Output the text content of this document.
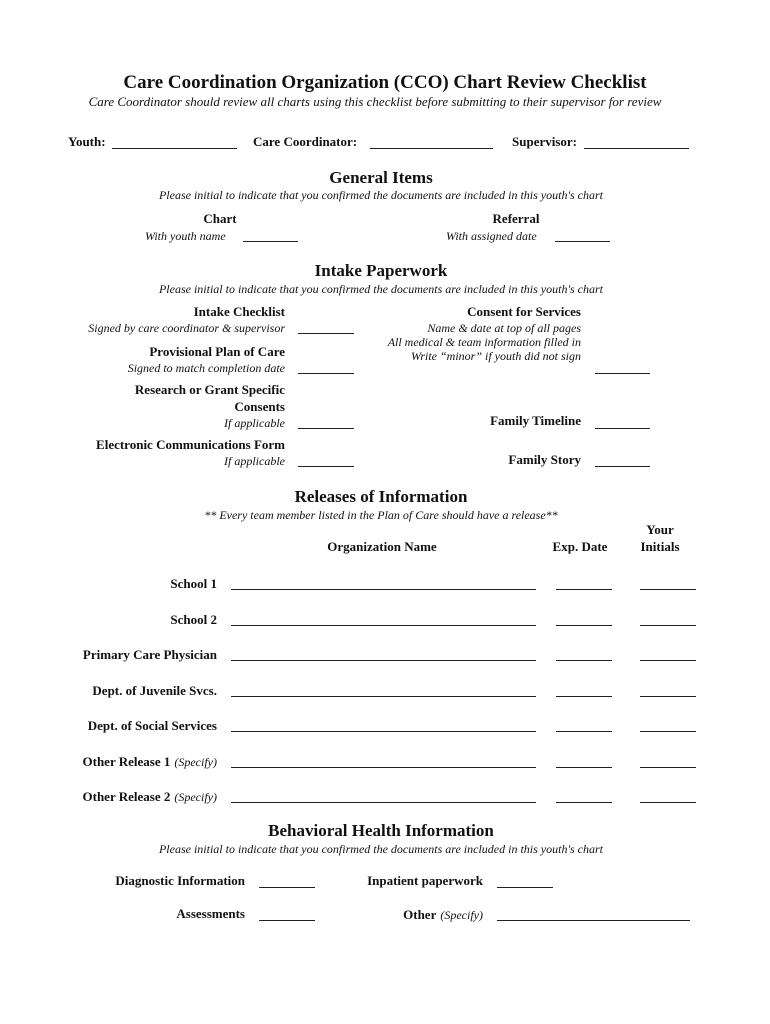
Care Coordination Organization (CCO) Chart Review Checklist
Care Coordinator should review all charts using this checklist before submitting to their supervisor for review
Youth:	Care Coordinator:	Supervisor:
General Items
Please initial to indicate that you confirmed the documents are included in this youth's chart
Chart
With youth name
Referral
With assigned date
Intake Paperwork
Please initial to indicate that you confirmed the documents are included in this youth's chart
Intake Checklist
Signed by care coordinator & supervisor
Provisional Plan of Care
Signed to match completion date
Research or Grant Specific
Consents
If applicable
Electronic Communications Form
If applicable
Consent for Services
Name & date at top of all pages
All medical & team information filled in
Write “minor” if youth did not sign
Family Timeline
Family Story
Releases of Information
** Every team member listed in the Plan of Care should have a release**
Organization Name	Exp. Date
Your
Initials
School 1
School 2
Primary Care Physician
Dept. of Juvenile Svcs.
Dept. of Social Services
Other Release 1 (Specify)
Other Release 2 (Specify)
Behavioral Health Information
Please initial to indicate that you confirmed the documents are included in this youth's chart
Diagnostic Information	Inpatient paperwork
Assessments	Other (Specify)
